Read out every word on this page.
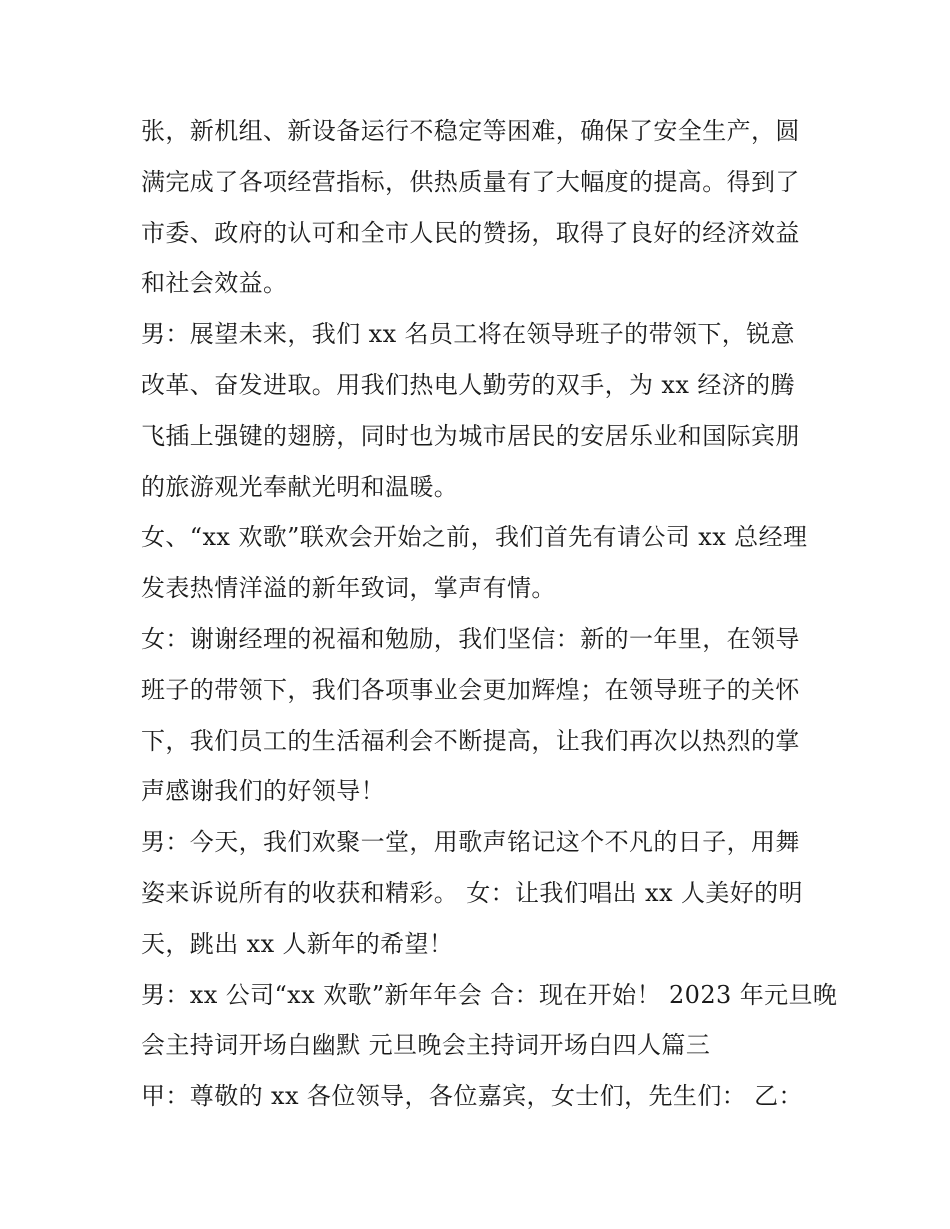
张，新机组、新设备运行不稳定等困难，确保了安全生产，圆
满完成了各项经营指标，供热质量有了大幅度的提高。得到了
市委、政府的认可和全市人民的赞扬，取得了良好的经济效益
和社会效益。
男：展望未来，我们 xx 名员工将在领导班子的带领下，锐意
改革、奋发进取。用我们热电人勤劳的双手，为 xx 经济的腾
飞插上强键的翅膀，同时也为城市居民的安居乐业和国际宾朋
的旅游观光奉献光明和温暖。
女、“xx 欢歌”联欢会开始之前，我们首先有请公司 xx 总经理
发表热情洋溢的新年致词，掌声有情。
女：谢谢经理的祝福和勉励，我们坚信：新的一年里，在领导
班子的带领下，我们各项事业会更加辉煌；在领导班子的关怀
下，我们员工的生活福利会不断提高，让我们再次以热烈的掌
声感谢我们的好领导！
男：今天，我们欢聚一堂，用歌声铭记这个不凡的日子，用舞
姿来诉说所有的收获和精彩。 女：让我们唱出 xx 人美好的明
天，跳出 xx 人新年的希望！
男：xx 公司“xx 欢歌”新年年会 合：现在开始！ 2023 年元旦晚
会主持词开场白幽默 元旦晚会主持词开场白四人篇三
甲：尊敬的 xx 各位领导，各位嘉宾，女士们，先生们： 乙：
